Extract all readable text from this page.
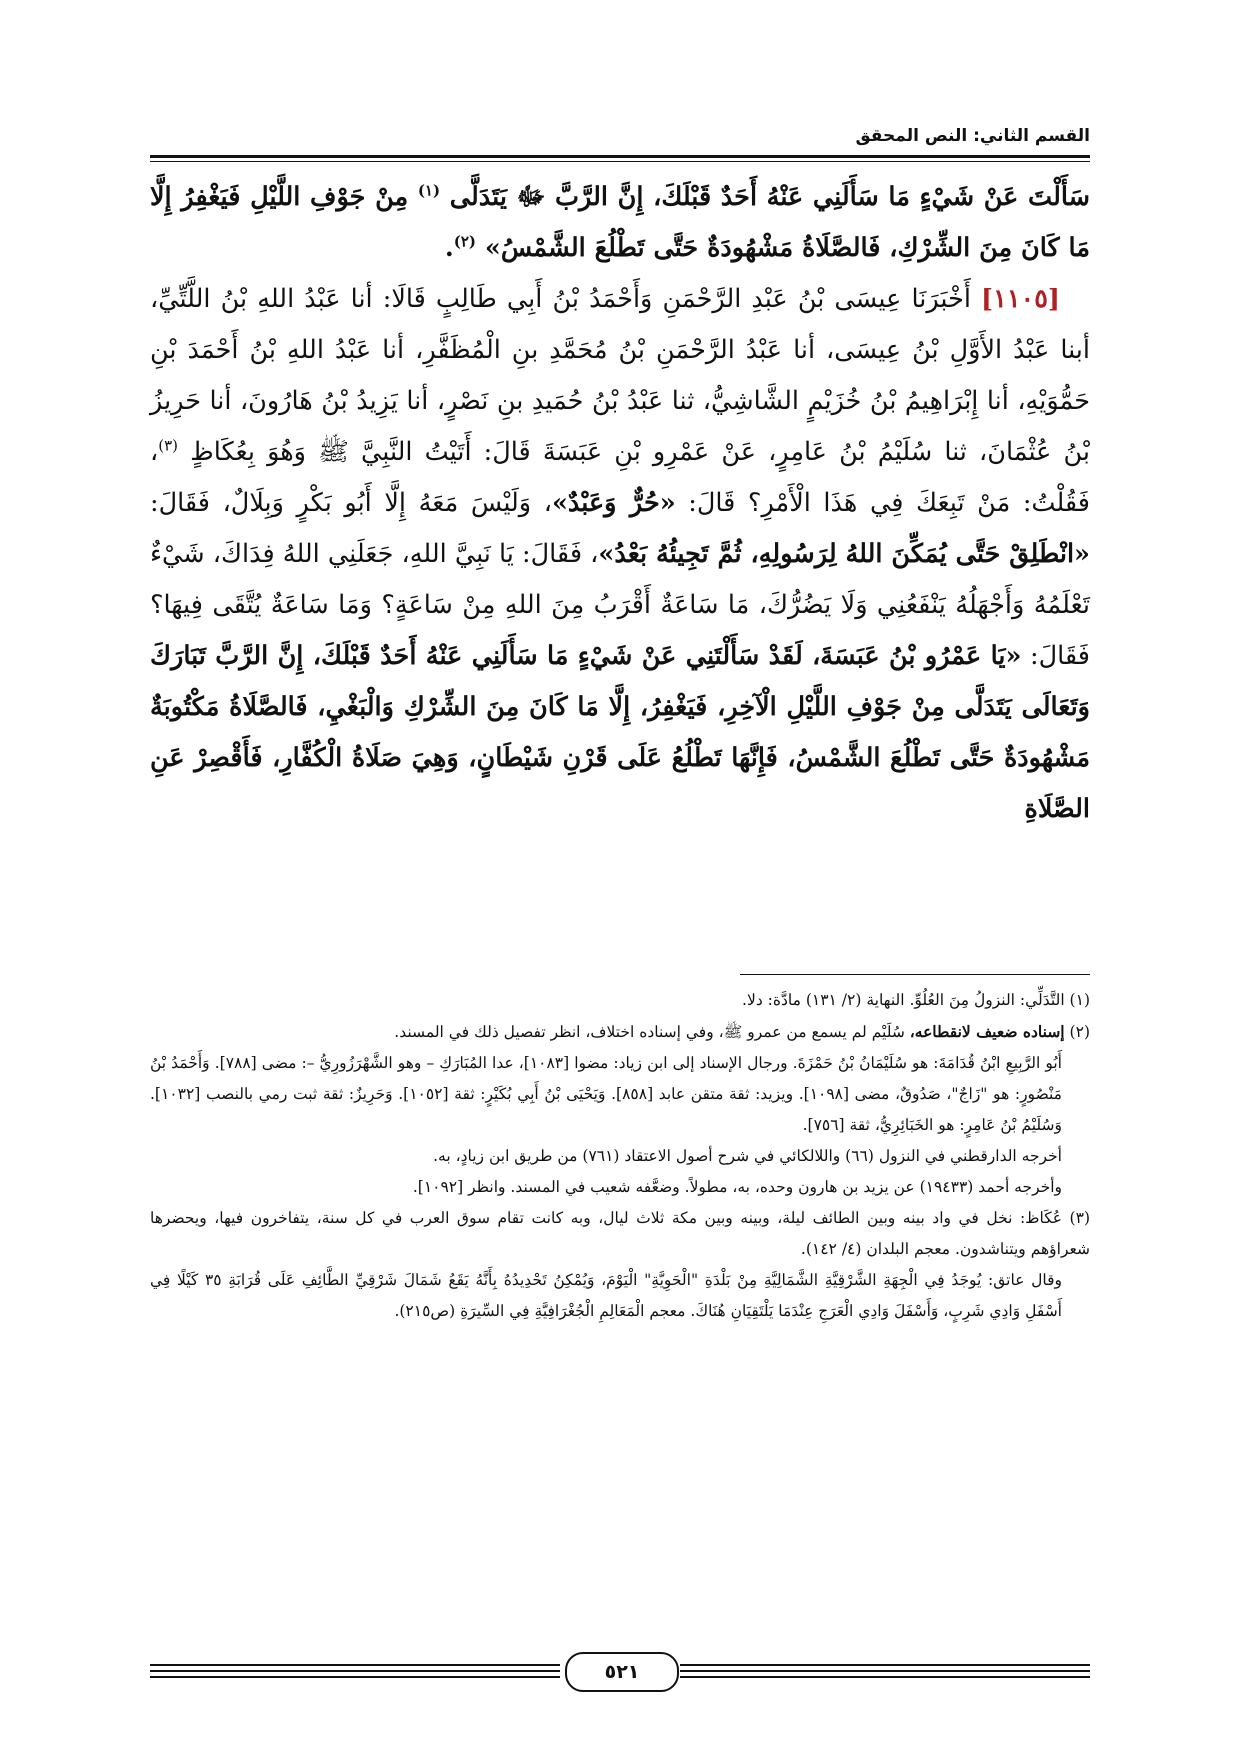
القسم الثاني: النص المحقق

سَأَلْتَ عَنْ شَيْءٍ مَا سَأَلَنِي عَنْهُ أَحَدٌ قَبْلَكَ، إِنَّ الرَّبَّ ﷻ يَتَدَلَّى $^{(١)}$ مِنْ جَوْفِ اللَّيْلِ فَيَغْفِرُ إِلَّا مَا كَانَ مِنَ الشِّرْكِ، فَالصَّلَاةُ مَشْهُودَةٌ حَتَّى تَطْلُعَ الشَّمْسُ» $^{(٢)}$.

[١١٠٥] أَخْبَرَنَا عِيسَى بْنُ عَبْدِ الرَّحْمَنِ وَأَحْمَدُ بْنُ أَبِي طَالِبٍ قَالَا: أنا عَبْدُ اللهِ بْنُ اللَّتِّيِّ، أبنا عَبْدُ الأَوَّلِ بْنُ عِيسَى، أنا عَبْدُ الرَّحْمَنِ بْنُ مُحَمَّدِ بنِ الْمُظَفَّرِ، أنا عَبْدُ اللهِ بْنُ أَحْمَدَ بْنِ حَمُّوَيْهِ، أنا إِبْرَاهِيمُ بْنُ خُزَيْمٍ الشَّاشِيُّ، ثنا عَبْدُ بْنُ حُمَيدِ بنِ نَصْرٍ، أنا يَزِيدُ بْنُ هَارُونَ، أنا حَرِيزُ بْنُ عُثْمَانَ، ثنا سُلَيْمُ بْنُ عَامِرٍ، عَنْ عَمْرِو بْنِ عَبَسَةَ قَالَ: أَتَيْتُ النَّبِيَّ ﷺ وَهُوَ بِعُكَاظٍ $^{(٣)}$، فَقُلْتُ: مَنْ تَبِعَكَ فِي هَذَا الْأَمْرِ؟ قَالَ: «حُرٌّ وَعَبْدٌ»، وَلَيْسَ مَعَهُ إِلَّا أَبُو بَكْرٍ وَبِلَالٌ، فَقَالَ: «انْطَلِقْ حَتَّى يُمَكِّنَ اللهُ لِرَسُولِهِ، ثُمَّ تَجِيئُهُ بَعْدُ»، فَقَالَ: يَا نَبِيَّ اللهِ، جَعَلَنِي اللهُ فِدَاكَ، شَيْءٌ تَعْلَمُهُ وَأَجْهَلُهُ يَنْفَعُنِي وَلَا يَضُرُّكَ، مَا سَاعَةٌ أَقْرَبُ مِنَ اللهِ مِنْ سَاعَةٍ؟ وَمَا سَاعَةٌ يُتَّقَى فِيهَا؟ فَقَالَ: «يَا عَمْرُو بْنُ عَبَسَةَ، لَقَدْ سَأَلْتَنِي عَنْ شَيْءٍ مَا سَأَلَنِي عَنْهُ أَحَدٌ قَبْلَكَ، إِنَّ الرَّبَّ تَبَارَكَ وَتَعَالَى يَتَدَلَّى مِنْ جَوْفِ اللَّيْلِ الْآخِرِ، فَيَغْفِرُ، إِلَّا مَا كَانَ مِنَ الشِّرْكِ وَالْبَغْيِ، فَالصَّلَاةُ مَكْتُوبَةٌ مَشْهُودَةٌ حَتَّى تَطْلُعَ الشَّمْسُ، فَإِنَّهَا تَطْلُعُ عَلَى قَرْنِ شَيْطَانٍ، وَهِيَ صَلَاةُ الْكُفَّارِ، فَأَقْصِرْ عَنِ الصَّلَاةِ

(١) التَّدَلِّي: النزولُ مِنَ العُلُوِّ. النهاية (٢/ ١٣١) مادَّة: دلا.

(٢) إسناده ضعيف لانقطاعه، سُلَيْم لم يسمع من عمرو ﷺ، وفي إسناده اختلاف، انظر تفصيل ذلك في المسند.

أَبُو الرَّبِيعِ ابْنُ قُدَامَةَ: هو سُلَيْمَانُ بْنُ حَمْزَةَ. ورجال الإسناد إلى ابن زياد: مضوا [١٠٨٣]، عدا المُبَارَكِ – وهو الشَّهْرَزُورِيُّ –: مضى [٧٨٨]. وَأَحْمَدُ بْنُ مَنْصُورٍ: هو "زَاجٌ"، صَدُوقٌ، مضى [١٠٩٨]. ويزيد: ثقة متقن عابد [٨٥٨]. وَيَحْيَى بْنُ أَبِي بُكَيْرٍ: ثقة [١٠٥٢]. وَحَرِيزٌ: ثقة ثبت رمي بالنصب [١٠٣٢]. وَسُلَيْمُ بْنُ عَامِرٍ: هو الخَبَائِرِيُّ، ثقة [٧٥٦].

أخرجه الدارقطني في النزول (٦٦) واللالكائي في شرح أصول الاعتقاد (٧٦١) من طريق ابن زيادٍ، به.

وأخرجه أحمد (١٩٤٣٣) عن يزيد بن هارون وحده، به، مطولاً. وضعَّفه شعيب في المسند. وانظر [١٠٩٢].

(٣) عُكَاظ: نخل في واد بينه وبين الطائف ليلة، وبينه وبين مكة ثلاث ليال، وبه كانت تقام سوق العرب في كل سنة، يتفاخرون فيها، ويحضرها شعراؤهم ويتناشدون. معجم البلدان (٤/ ١٤٢).

وقال عاتق: يُوجَدُ فِي الْجِهَةِ الشَّرْقِيَّةِ الشَّمَالِيَّةِ مِنْ بَلْدَةِ "الْحَوِيَّةِ" الْيَوْمَ، وَيُمْكِنُ تَحْدِيدُهُ بِأَنَّهُ يَقَعُ شَمَالَ شَرْقِيِّ الطَّائِفِ عَلَى قُرَابَةِ ٣٥ كَيْلًا فِي أَسْفَلِ وَادِي شَرِبٍ، وَأَسْفَلَ وَادِي الْعَرَجِ عِنْدَمَا يَلْتَقِيَانِ هُنَاكَ. معجم الْمَعَالِمِ الْجُغْرَافِيَّةِ فِي السِّيرَةِ (ص٢١٥).

٥٢١
